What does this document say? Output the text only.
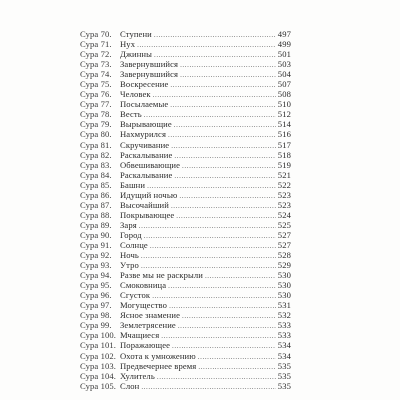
Сура 70. Ступени .....	497
Сура 71. Нух .....	499
Сура 72. Джинны .....	501
Сура 73. Завернувшийся .....	503
Сура 74. Завернувшийся .....	504
Сура 75. Воскресение .....	507
Сура 76. Человек .....	508
Сура 77. Посылаемые .....	510
Сура 78. Весть .....	512
Сура 79. Вырывающие .....	514
Сура 80. Нахмурился .....	516
Сура 81. Скручивание .....	517
Сура 82. Раскалывание .....	518
Сура 83. Обвешивающие .....	519
Сура 84. Раскалывание .....	521
Сура 85. Башни .....	522
Сура 86. Идущий ночью .....	523
Сура 87. Высочайший .....	523
Сура 88. Покрывающее .....	524
Сура 89. Заря .....	525
Сура 90. Город .....	527
Сура 91. Солнце .....	527
Сура 92. Ночь .....	528
Сура 93. Утро .....	529
Сура 94. Разве мы не раскрыли .....	530
Сура 95. Смоковница .....	530
Сура 96. Сгусток .....	530
Сура 97. Могущество .....	531
Сура 98. Ясное знамение .....	532
Сура 99. Землетрясение .....	533
Сура 100. Мчащиеся .....	533
Сура 101. Поражающее .....	534
Сура 102. Охота к умножению .....	534
Сура 103. Предвечернее время .....	535
Сура 104. Хулитель .....	535
Сура 105. Слон .....	535
